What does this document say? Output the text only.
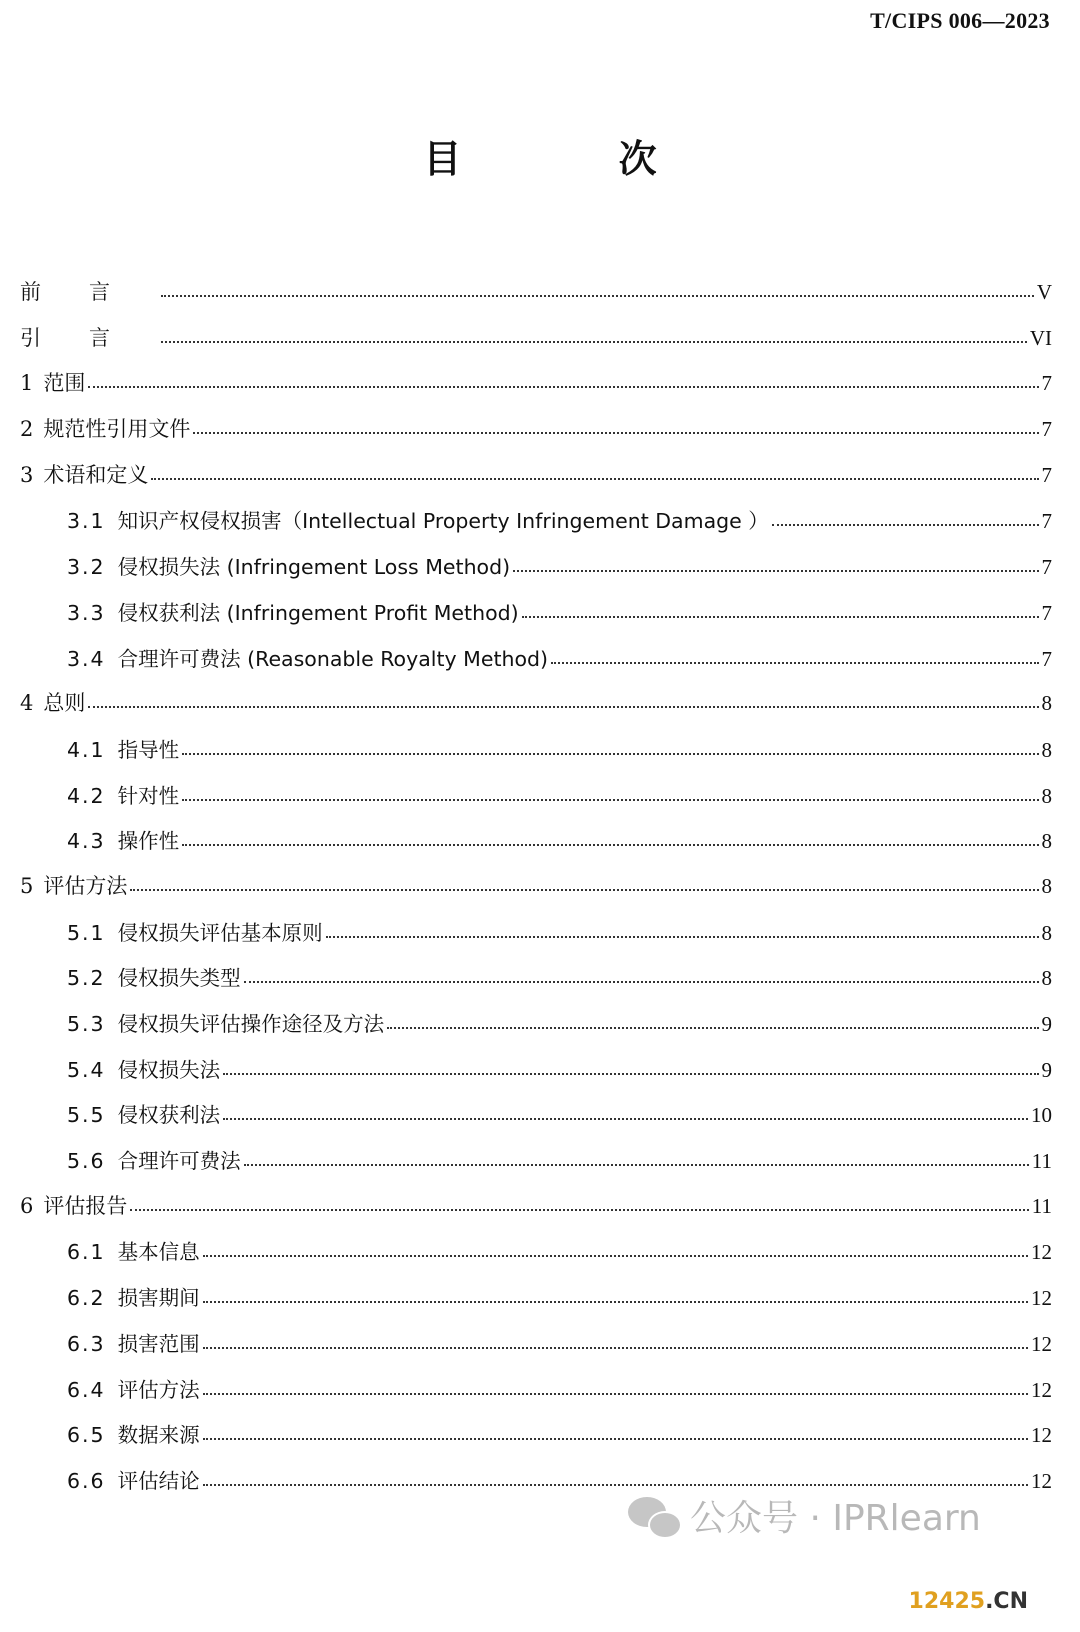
T/CIPS 006—2023
目 次
前言	V
引言	VI
1 范围	7
2 规范性引用文件	7
3 术语和定义	7
3.1 知识产权侵权损害（Intellectual Property Infringement Damage ）	7
3.2 侵权损失法 (Infringement Loss Method)	7
3.3 侵权获利法 (Infringement Profit Method)	7
3.4 合理许可费法 (Reasonable Royalty Method)	7
4 总则	8
4.1 指导性	8
4.2 针对性	8
4.3 操作性	8
5 评估方法	8
5.1 侵权损失评估基本原则	8
5.2 侵权损失类型	8
5.3 侵权损失评估操作途径及方法	9
5.4 侵权损失法	9
5.5 侵权获利法	10
5.6 合理许可费法	11
6 评估报告	11
6.1 基本信息	12
6.2 损害期间	12
6.3 损害范围	12
6.4 评估方法	12
6.5 数据来源	12
6.6 评估结论	12
公众号 · IPRlearn
12425.CN
